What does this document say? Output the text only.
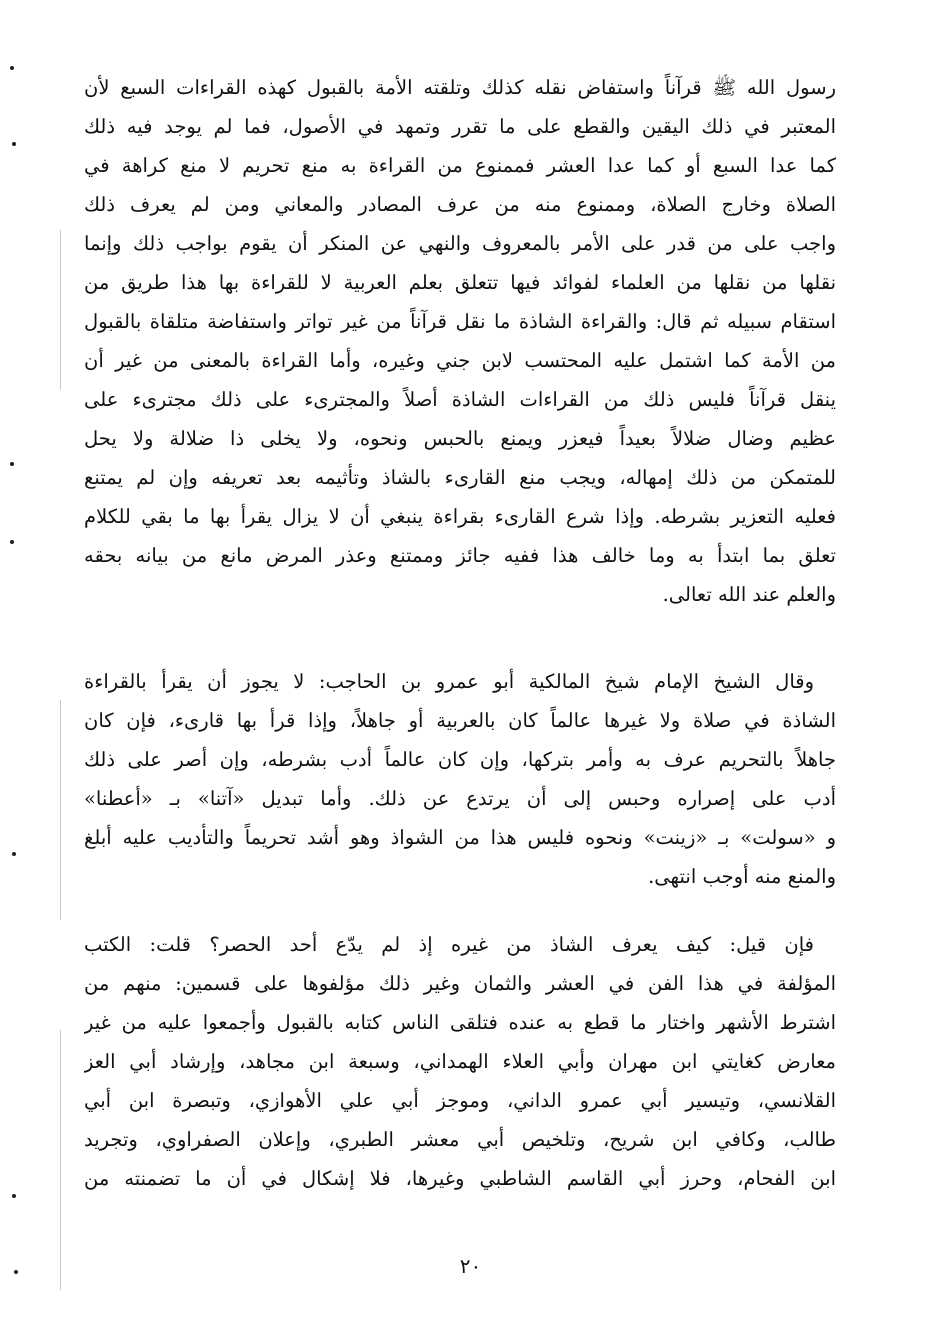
رسول الله ﷺ قرآناً واستفاض نقله كذلك وتلقته الأمة بالقبول كهذه القراءات السبع لأن
المعتبر في ذلك اليقين والقطع على ما تقرر وتمهد في الأصول، فما لم يوجد فيه ذلك
كما عدا السبع أو كما عدا العشر فممنوع من القراءة به منع تحريم لا منع كراهة في
الصلاة وخارج الصلاة، وممنوع منه من عرف المصادر والمعاني ومن لم يعرف ذلك
واجب على من قدر على الأمر بالمعروف والنهي عن المنكر أن يقوم بواجب ذلك وإنما
نقلها من نقلها من العلماء لفوائد فيها تتعلق بعلم العربية لا للقراءة بها هذا طريق من
استقام سبيله ثم قال: والقراءة الشاذة ما نقل قرآناً من غير تواتر واستفاضة متلقاة بالقبول
من الأمة كما اشتمل عليه المحتسب لابن جني وغيره، وأما القراءة بالمعنى من غير أن
ينقل قرآناً فليس ذلك من القراءات الشاذة أصلاً والمجترىء على ذلك مجترىء على
عظيم وضال ضلالاً بعيداً فيعزر ويمنع بالحبس ونحوه، ولا يخلى ذا ضلالة ولا يحل
للمتمكن من ذلك إمهاله، ويجب منع القارىء بالشاذ وتأثيمه بعد تعريفه وإن لم يمتنع
فعليه التعزير بشرطه. وإذا شرع القارىء بقراءة ينبغي أن لا يزال يقرأ بها ما بقي للكلام
تعلق بما ابتدأ به وما خالف هذا ففيه جائز وممتنع وعذر المرض مانع من بيانه بحقه
والعلم عند الله تعالى.
وقال الشيخ الإمام شيخ المالكية أبو عمرو بن الحاجب: لا يجوز أن يقرأ بالقراءة
الشاذة في صلاة ولا غيرها عالماً كان بالعربية أو جاهلاً، وإذا قرأ بها قارىء، فإن كان
جاهلاً بالتحريم عرف به وأمر بتركها، وإن كان عالماً أدب بشرطه، وإن أصر على ذلك
أدب على إصراره وحبس إلى أن يرتدع عن ذلك. وأما تبديل «آتنا» بـ «أعطنا»
و «سولت» بـ «زينت» ونحوه فليس هذا من الشواذ وهو أشد تحريماً والتأديب عليه أبلغ
والمنع منه أوجب انتهى.
فإن قيل: كيف يعرف الشاذ من غيره إذ لم يدّع أحد الحصر؟ قلت: الكتب
المؤلفة في هذا الفن في العشر والثمان وغير ذلك مؤلفوها على قسمين: منهم من
اشترط الأشهر واختار ما قطع به عنده فتلقى الناس كتابه بالقبول وأجمعوا عليه من غير
معارض كغايتي ابن مهران وأبي العلاء الهمداني، وسبعة ابن مجاهد، وإرشاد أبي العز
القلانسي، وتيسير أبي عمرو الداني، وموجز أبي علي الأهوازي، وتبصرة ابن أبي
طالب، وكافي ابن شريح، وتلخيص أبي معشر الطبري، وإعلان الصفراوي، وتجريد
ابن الفحام، وحرز أبي القاسم الشاطبي وغيرها، فلا إشكال في أن ما تضمنته من
٢٠
